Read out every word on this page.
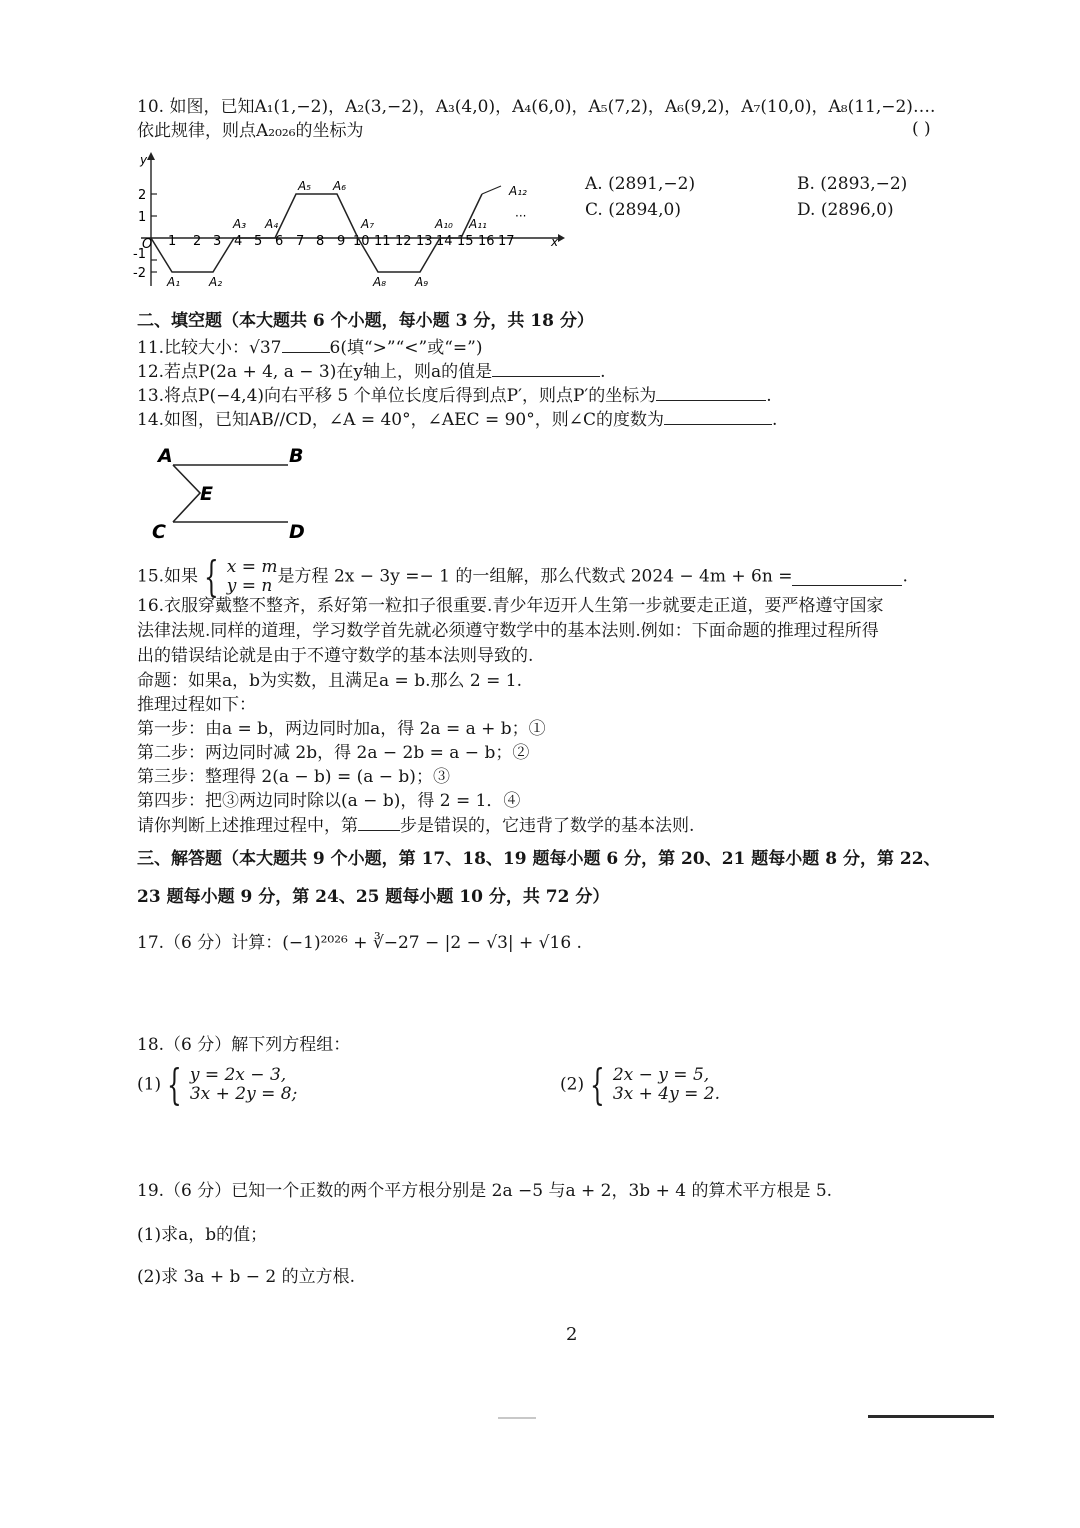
10. 如图，已知A₁(1,−2)，A₂(3,−2)，A₃(4,0)，A₄(6,0)，A₅(7,2)，A₆(9,2)，A₇(10,0)，A₈(11,−2)….
依此规律，则点A₂₀₂₆的坐标为	( )
x
y
O
2
1
-1
-2
1 2 3 4 5 6 7 8 9 10 11 12 13 14 15 16 17
A₁ A₂
A₃ A₄
A₅ A₆
A₇
A₈ A₉
A₁₀ A₁₁
A₁₂
···
A. (2891,−2)	B. (2893,−2)
C. (2894,0)	D. (2896,0)
二、填空题（本大题共 6 个小题，每小题 3 分，共 18 分）
11.比较大小：√37	6(填“>”“<”或“=”)
12.若点P(2a + 4, a − 3)在y轴上，则a的值是	.
13.将点P(−4,4)向右平移 5 个单位长度后得到点P′，则点P′的坐标为	.
14.如图，已知AB//CD，∠A = 40°，∠AEC = 90°，则∠C的度数为	.
A	B
E
C	D
15.如果 { x = m
y = n 是方程 2x − 3y =− 1 的一组解，那么代数式 2024 − 4m + 6n =	.
16.衣服穿戴整不整齐，系好第一粒扣子很重要.青少年迈开人生第一步就要走正道，要严格遵守国家
法律法规.同样的道理，学习数学首先就必须遵守数学中的基本法则.例如：下面命题的推理过程所得
出的错误结论就是由于不遵守数学的基本法则导致的.
命题：如果a，b为实数，且满足a = b.那么 2 = 1.
推理过程如下：
第一步：由a = b，两边同时加a，得 2a = a + b；①
第二步：两边同时减 2b，得 2a − 2b = a − b；②
第三步：整理得 2(a − b) = (a − b)；③
第四步：把③两边同时除以(a − b)，得 2 = 1．④
请你判断上述推理过程中，第 步是错误的，它违背了数学的基本法则.
三、解答题（本大题共 9 个小题，第 17、18、19 题每小题 6 分，第 20、21 题每小题 8 分，第 22、
23 题每小题 9 分，第 24、25 题每小题 10 分，共 72 分）
17.（6 分）计算：(−1)²⁰²⁶ + ∛−27 − |2 − √3| + √16 .
18.（6 分）解下列方程组：
(1) { y = 2x − 3,
3x + 2y = 8;	(2) { 2x − y = 5,
3x + 4y = 2.
19.（6 分）已知一个正数的两个平方根分别是 2a −5 与a + 2，3b + 4 的算术平方根是 5.
(1)求a，b的值；
(2)求 3a + b − 2 的立方根.
2
